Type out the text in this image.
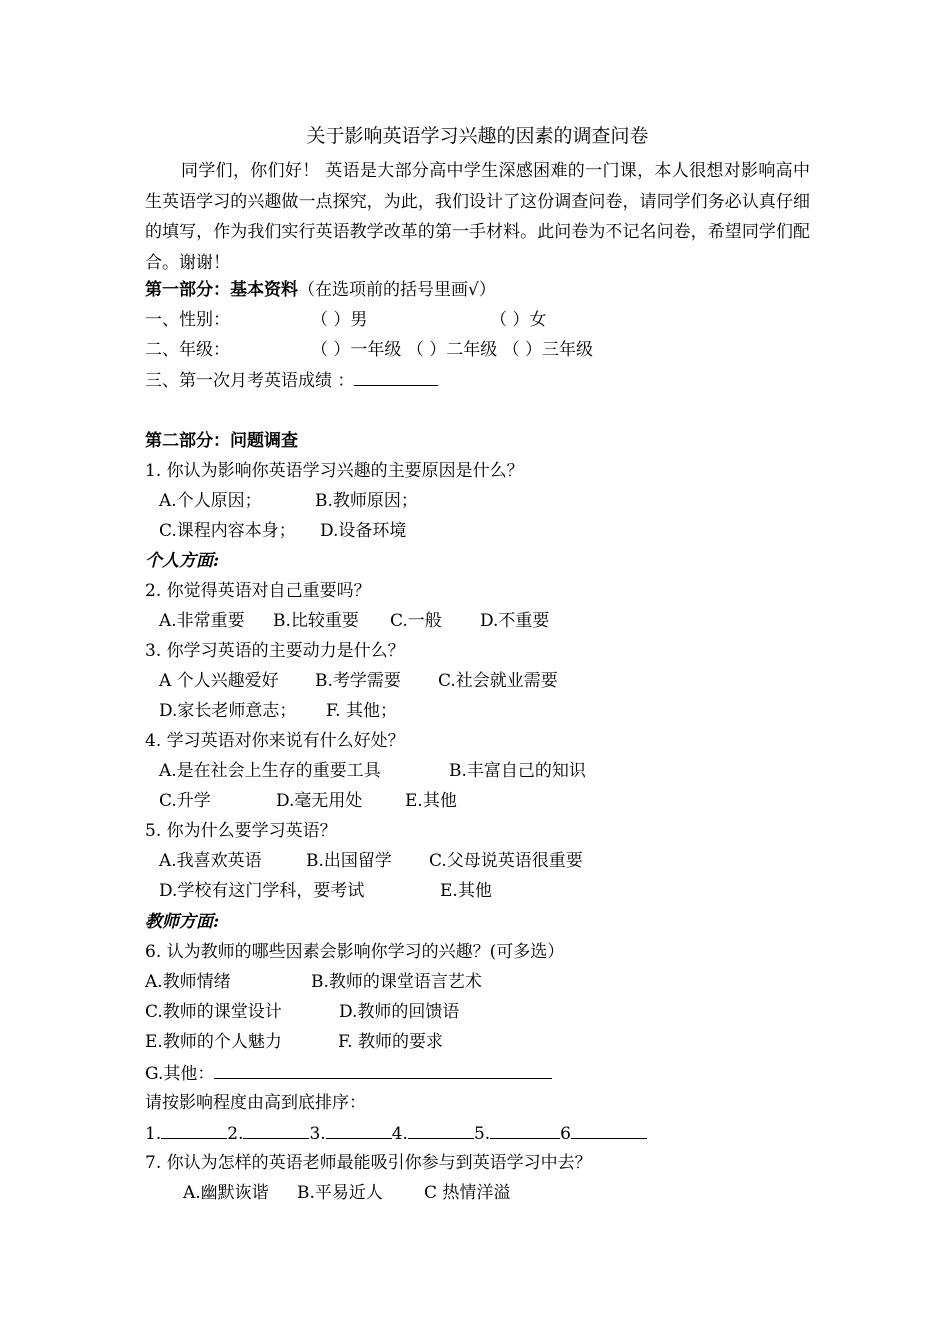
关于影响英语学习兴趣的因素的调查问卷

同学们，你们好！ 英语是大部分高中学生深感困难的一门课，本人很想对影响高中生英语学习的兴趣做一点探究，为此，我们设计了这份调查问卷，请同学们务必认真仔细的填写，作为我们实行英语教学改革的第一手材料。此问卷为不记名问卷，希望同学们配合。谢谢！

第一部分：基本资料（在选项前的括号里画√）
一、性别：	（ ）男	（ ）女
二、年级：	（ ）一年级 （ ）二年级 （ ）三年级
三、第一次月考英语成绩 ：
第二部分：问题调查
1. 你认为影响你英语学习兴趣的主要原因是什么？
A.个人原因；	B.教师原因；
C.课程内容本身； D.设备环境
个人方面:
2. 你觉得英语对自己重要吗？
A.非常重要 B.比较重要 C.一般 D.不重要
3. 你学习英语的主要动力是什么？
A 个人兴趣爱好 B.考学需要 C.社会就业需要
D.家长老师意志； F. 其他；
4. 学习英语对你来说有什么好处？
A.是在社会上生存的重要工具	B.丰富自己的知识
C.升学	D.毫无用处	E.其他
5. 你为什么要学习英语？
A.我喜欢英语	B.出国留学 C.父母说英语很重要
D.学校有这门学科，要考试	E.其他
教师方面:
6. 认为教师的哪些因素会影响你学习的兴趣？(可多选）
A.教师情绪	B.教师的课堂语言艺术
C.教师的课堂设计	D.教师的回馈语
E.教师的个人魅力	F. 教师的要求
G.其他：
请按影响程度由高到底排序：
1.	2.	3.	4.	5.	6
7. 你认为怎样的英语老师最能吸引你参与到英语学习中去？
A.幽默诙谐 B.平易近人 C 热情洋溢
